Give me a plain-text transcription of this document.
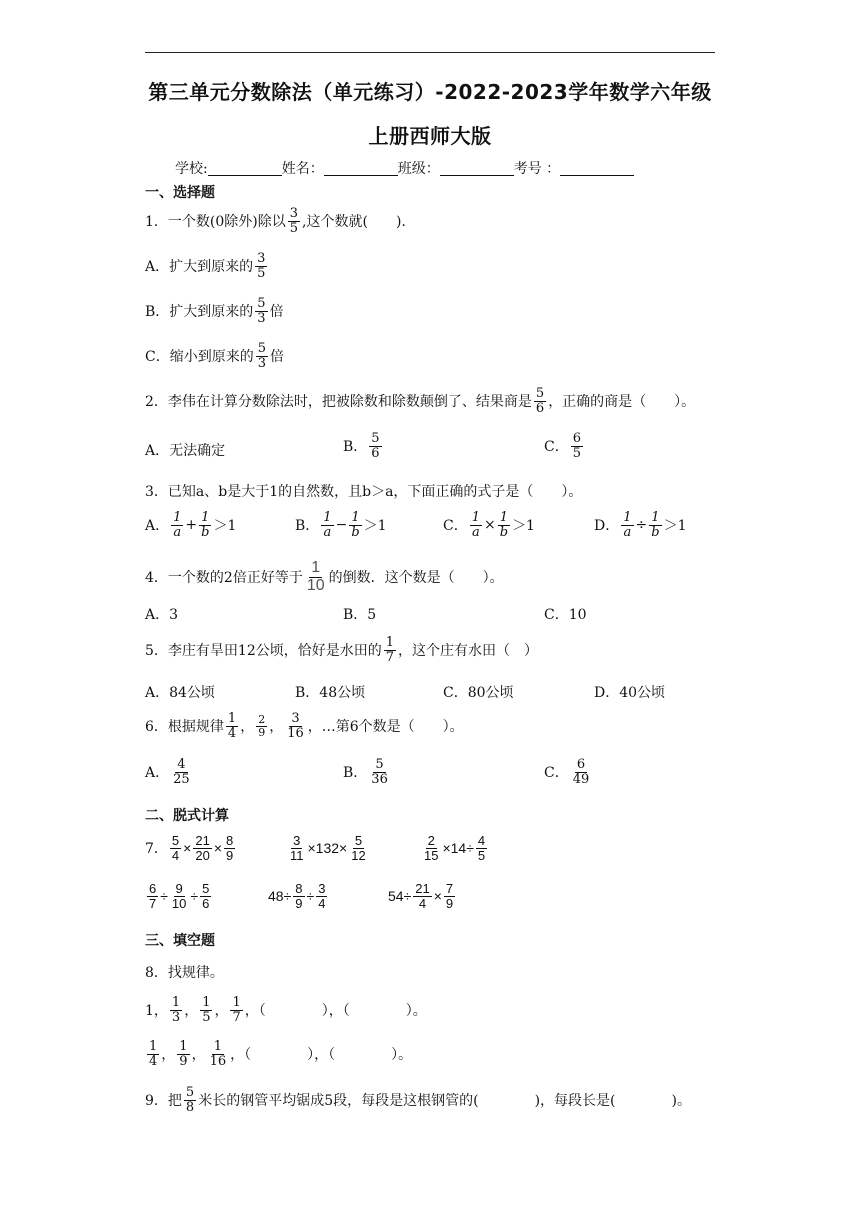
第三单元分数除法（单元练习）-2022-2023学年数学六年级
上册西师大版
学校:	姓名：	班级：	考号 ：
一、选择题
1．一个数(0除外)除以 $\frac{3}{5}$ ,这个数就(　　).
A．扩大到原来的 $\frac{3}{5}$
B．扩大到原来的 $\frac{5}{3}$ 倍
C．缩小到原来的 $\frac{5}{3}$ 倍
2．李伟在计算分数除法时，把被除数和除数颠倒了、结果商是 $\frac{5}{6}$ ，正确的商是（　　）。
A．无法确定	B． $\frac{5}{6}$	C． $\frac{6}{5}$
3．已知a、b是大于1的自然数，且b＞a，下面正确的式子是（　　）。
A． $\frac{1}{a} + \frac{1}{b} >1$	B． $\frac{1}{a} - \frac{1}{b} >1$	C． $\frac{1}{a} \times \frac{1}{b} >1$	D． $\frac{1}{a} \div \frac{1}{b} >1$
4．一个数的2倍正好等于 $\frac{1}{10}$ 的倒数．这个数是（　　）。
A．3	B．5	C．10
5．李庄有旱田12公顷，恰好是水田的 $\frac{1}{7}$ ，这个庄有水田（　）
A．84公顷	B．48公顷	C．80公顷	D．40公顷
6．根据规律 $\frac{1}{4}$ ， $\frac{2}{9}$ ， $\frac{3}{16}$ ，…第6个数是（　　）。
A． $\frac{4}{25}$	B． $\frac{5}{36}$	C． $\frac{6}{49}$
二、脱式计算
7． $\frac{5}{4} \times \frac{21}{20} \times \frac{8}{9}$	$\frac{3}{11} \times 132\times \frac{5}{12}$	$\frac{2}{15} \times 14\div \frac{4}{5}$
$\frac{6}{7} \div \frac{9}{10} \div \frac{5}{6}$	$48\div \frac{8}{9} \div \frac{3}{4}$	$54\div \frac{21}{4} \times \frac{7}{9}$
三、填空题
8．找规律。
1， $\frac{1}{3}$ ， $\frac{1}{5}$ ， $\frac{1}{7}$ ，（　　　　），（　　　　）。
$\frac{1}{4}$ ， $\frac{1}{9}$ ， $\frac{1}{16}$ ，（　　　　），（　　　　）。
9．把 $\frac{5}{8}$ 米长的钢管平均锯成5段，每段是这根钢管的(　　　　)，每段长是(　　　　)。
